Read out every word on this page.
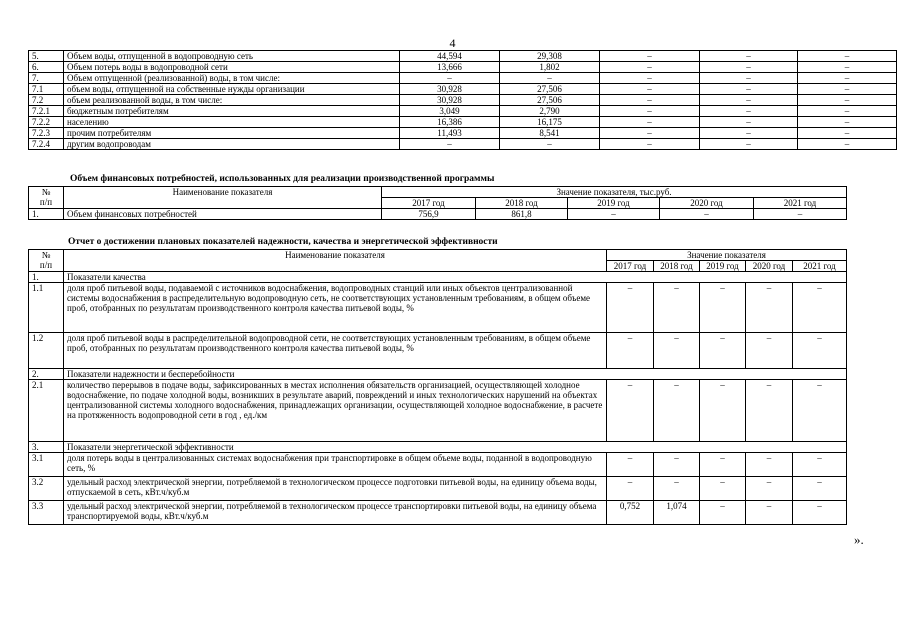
4
5.	Объем воды, отпущенной в водопроводную сеть	44,594	29,308	–	–	–
6.	Объем потерь воды в водопроводной сети	13,666	1,802	–	–	–
7.	Объем отпущенной (реализованной) воды, в том числе:	–	–	–	–	–
7.1	объем воды, отпущенной на собственные нужды организации	30,928	27,506	–	–	–
7.2	объем реализованной воды, в том числе:	30,928	27,506	–	–	–
7.2.1	бюджетным потребителям	3,049	2,790	–	–	–
7.2.2	населению	16,386	16,175	–	–	–
7.2.3	прочим потребителям	11,493	8,541	–	–	–
7.2.4	другим водопроводам	–	–	–	–	–
Объем финансовых потребностей, использованных для реализации производственной программы
№
п/п	Наименование показателя	Значение показателя, тыс.руб.				
		2017 год	2018 год	2019 год	2020 год	2021 год
1.	Объем финансовых потребностей	756,9	861,8	–	–	–
Отчет о достижении плановых показателей надежности, качества и энергетической эффективности
№
п/п	Наименование показателя	Значение показателя				
		2017 год	2018 год	2019 год	2020 год	2021 год
1.	Показатели качества					
1.1	доля проб питьевой воды, подаваемой с источников водоснабжения, водопроводных станций или иных объектов централизованной системы водоснабжения в распределительную водопроводную сеть, не соответствующих установленным требованиям, в общем объеме проб, отобранных по результатам производственного контроля качества питьевой воды, %	–	–	–	–	–
1.2	доля проб питьевой воды в распределительной водопроводной сети, не соответствующих установленным требованиям, в общем объеме проб, отобранных по результатам производственного контроля качества питьевой воды, %	–	–	–	–	–
2.	Показатели надежности и бесперебойности					
2.1	количество перерывов в подаче воды, зафиксированных в местах исполнения обязательств организацией, осуществляющей холодное водоснабжение, по подаче холодной воды, возникших в результате аварий, повреждений и иных технологических нарушений на объектах централизованной системы холодного водоснабжения, принадлежащих организации, осуществляющей холодное водоснабжение, в расчете на протяженность водопроводной сети в год , ед./км	–	–	–	–	–
3.	Показатели энергетической эффективности					
3.1	доля потерь воды в централизованных системах водоснабжения при транспортировке в общем объеме воды, поданной в водопроводную сеть, %	–	–	–	–	–
3.2	удельный расход электрической энергии, потребляемой в технологическом процессе подготовки питьевой воды, на единицу объема воды, отпускаемой в сеть, кВт.ч/куб.м	–	–	–	–	–
3.3	удельный расход электрической энергии, потребляемой в технологическом процессе транспортировки питьевой воды, на единицу объема транспортируемой воды, кВт.ч/куб.м	0,752	1,074	–	–	–
».
